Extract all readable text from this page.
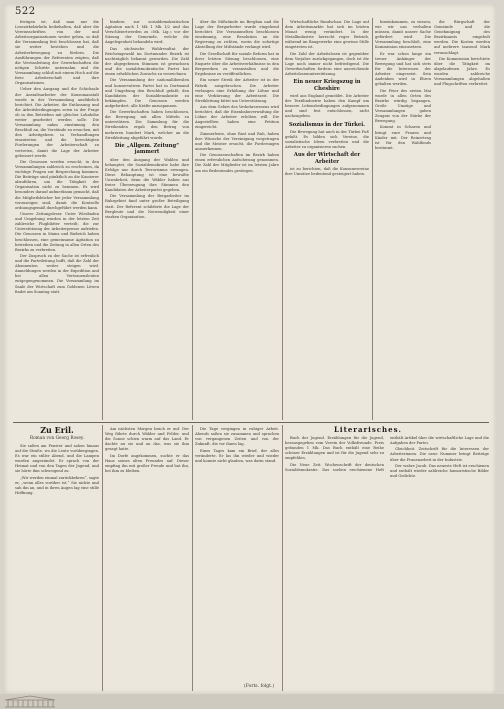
522

festigen ist, daß man nur die Lesezirkelzirkeln beibehalten, daß aber die Vereinsschriften von der und Arbeitsorganisationen weiter gehen, so daß die Versammlung fest beschlossen hat, daß sie weiter bestehen und die Arbeiterbewegung zu fördern. Die Ausführungen der Referenten zeigten, daß die Vereinsleitung der Gewerkschaften die nötigen Schritte unternahm und die Versammlung schloß mit einem Hoch auf die freie Arbeiterschaft und ihre Organisationen.

Ueber den Ausgang und die Schicksale der Anstaltsarbeiter der Konsumanstalt wurde in der Versammlung ausführlich berichtet. Die Arbeiter, die Entlassung und die Arbeitsbedingungen seien in der Frage ob in den Betrieben mit gleicher Lohnhöhe weiter gearbeitet werden solle. Die Versammlung nahm einstimmig den Beschluß an, die Vorstände zu ersuchen, mit den Arbeitgebern in Verhandlungen einzutreten und die berechtigten Forderungen der Arbeiterschaft zu vertreten, damit die Lage der Arbeiter gebessert werde.

Die Genossen werden ersucht, in den Versammlungen zahlreich zu erscheinen, da wichtige Fragen zur Besprechung kommen. Die Beiträge sind pünktlich an die Kassierer abzuführen, um die Tätigkeit der Organisation nicht zu hemmen. Es wird besonders darauf aufmerksam gemacht, daß die Mitgliedsbücher bei jeder Versammlung vorzuzeigen sind, damit die Kontrolle ordnungsgemäß durchgeführt werden kann.

Unsere Zeitungsleser. Unter Wiesbaden und Umgebung wurden in der letzten Zeit zahlreiche Flugblätter verteilt, die zur Unterstützung der Arbeiterpresse aufriefen. Die Genossen in Mainz und Biebrich haben beschlossen, eine gemeinsame Agitation zu betreiben und die Zeitung in allen Orten des Bezirks zu verbreiten.

Der Zuspruch zu der Sache ist erfreulich und die Parteileitung hofft, daß die Zahl der Abonnenten weiter steigen wird. Anmeldungen werden in der Expedition und bei allen Vertrauensleuten entgegengenommen. Die Versammlung im Saale der Wirtschaft zum Goldenen Löwen findet am Sonntag statt.

bindern zur sozialdemokratischen Agitation nach 1 Mk 1 Mk 1/2 und das Verschleiertwerden zu »Mk. Lig.« vor der Sitzung der Gemeinde, welche die Angelegenheit behandeln wird.

Das sächsische Wahlresultat der Reichstagswahl im Dortmunder Bezirk ist nachträglich bekannt geworden. Die Zahl der abgegebenen Stimmen ist gewachsen und die sozialdemokratische Partei hat einen erheblichen Zuwachs zu verzeichnen.

Die Versammlung der nationalliberalen und konservativen Partei hat in Dortmund und Umgebung den Beschluß gefaßt, den Kandidaten der Sozialdemokratie zu bekämpfen. Die Genossen werden aufgefordert, alle Kräfte anzuspannen.

Die Gewerkschaften haben beschlossen, die Bewegung mit allen Mitteln zu unterstützen. Die Sammlung für die Streikenden ergab den Betrag von mehreren hundert Mark, welcher an die Streikleitung abgeführt wurde.

Die „Allgem. Zeitung“ jammert

über den Ausgang der Wahlen und behauptet, die Sozialdemokratie habe ihre Erfolge nur durch Terrorismus errungen. Diese Behauptung ist eine bewußte Unwahrheit, denn die Wähler haben aus freier Überzeugung ihre Stimmen den Kandidaten der Arbeiterpartei gegeben.

Die Versammlung der Bergarbeiter im Ruhrgebiet fand unter großer Beteiligung statt. Der Referent schilderte die Lage der Bergleute und die Notwendigkeit einer starken Organisation.

über die Mißstände im Bergbau und die Lage der Bergarbeiter wurde eingehend berichtet. Die Versammelten beschlossen einstimmig, eine Resolution an die Regierung zu richten, worin die sofortige Abstellung der Mißstände verlangt wird.

Die Gesellschaft für soziale Reform hat in ihrer letzten Sitzung beschlossen, eine Enquete über die Arbeitsverhältnisse in den Bergwerken zu veranstalten und die Ergebnisse zu veröffentlichen.

Ein neuer Streik der Arbeiter ist in der Fabrik ausgebrochen. Die Arbeiter verlangen eine Erhöhung der Löhne und eine Verkürzung der Arbeitszeit. Die Streikleitung bittet um Unterstützung.

Aus dem Gebiet des Verkehrswesens wird berichtet, daß die Eisenbahnverwaltung die Löhne der Arbeiter erhöhen will. Die Angestellten haben eine Petition eingereicht.

Zimmerleute, ohne Rast und Ruh, haben ihre Wünsche der Vereinigung vorgetragen und die Meister ersucht, die Forderungen anzuerkennen.

Die Genossenschaften im Bezirk haben einen erfreulichen Aufschwung genommen. Die Zahl der Mitglieder ist im letzten Jahre um ein Bedeutendes gestiegen.

Wirtschaftliche Rundschau. Die Lage auf dem Arbeitsmarkte hat sich im letzten Monat wenig verändert. In der Metallindustrie herrscht reger Betrieb, während im Baugewerbe eine gewisse Stille eingetreten ist.

Die Zahl der Arbeitslosen ist gegenüber dem Vorjahre zurückgegangen, doch ist die Lage noch immer nicht befriedigend. Die Gewerkschaften fordern eine ausreichende Arbeitslosenunterstützung.

Ein neuer Kriegszug in Cheshire

wird aus England gemeldet. Die Arbeiter der Textilindustrie haben den Kampf um bessere Lebensbedingungen aufgenommen und sind fest entschlossen, nicht nachzugeben.

Sozialismus in der Türkei.

Die Bewegung hat auch in der Türkei Fuß gefaßt. Es bilden sich Vereine, die sozialistische Ideen verbreiten und die Arbeiter zu organisieren suchen.

Aus der Wirtschaft der Arbeiter

ist zu berichten, daß die Konsumvereine ihre Umsätze bedeutend gesteigert haben.

hineinkommen, zu wissen, wie wir uns verhalten müssen, damit unsere Sache gefördert wird. Die Versammlung beschloß, eine Kommission einzusetzen.

Er war schon lange ein treuer Anhänger der Bewegung und hat sich stets für die Interessen der Arbeiter eingesetzt. Sein Andenken wird in Ehren gehalten werden.

Die Feier des ersten Mai wurde in allen Orten des Bezirks würdig begangen. Große Umzüge und Versammlungen gaben Zeugnis von der Stärke der Bewegung.

Kommt in Scharen und bringt eure Frauen und Kinder mit. Der Reinertrag ist für den Wahlfonds bestimmt.

die Bürgschaft der Gemeinde und die Genehmigung des Bezirksamts eingeholt werden. Die Kosten werden auf mehrere tausend Mark veranschlagt.

Die Kommission berichtete über die Tätigkeit im abgelaufenen Jahre. Es wurden zahlreiche Versammlungen abgehalten und Flugschriften verbreitet.

Zu Eril.
Roman von Georg Rosey.

Sie saßen am Fenster und sahen hinaus auf die Straße, wo die Leute vorübergingen. Es war ein stiller Abend, und die Lampen wurden angezündet. Er sprach von der Heimat und von den Tagen der Jugend, und sie hörte ihm schweigend zu.

„Wir werden einmal zurückkehren“, sagte er, „wenn alles vorüber ist.“ Sie nickte und sah ihn an, und in ihren Augen lag eine stille Hoffnung.

Am nächsten Morgen brach er auf. Der Weg führte durch Wälder und Felder, und die Sonne schien warm auf das Land. Er dachte an sie und an das, was sie ihm gesagt hatte.

Im Dorfe angekommen, suchte er das Haus seines alten Freundes auf. Dieser empfing ihn mit großer Freude und bat ihn, bei ihm zu bleiben.

Die Tage vergingen in ruhiger Arbeit. Abends saßen sie zusammen und sprachen von vergangenen Zeiten und von der Zukunft, die vor ihnen lag.

Eines Tages kam ein Brief, der alles veränderte. Er las ihn wieder und wieder und konnte nicht glauben, was darin stand.

(Forts. folgt.)
Literarisches.

Buch der Jugend. Erzählungen für die Jugend, herausgegeben vom Verein der Volksfreunde. Preis gebunden 1 Mk. Das Buch enthält eine Reihe schöner Erzählungen und ist für die Jugend sehr zu empfehlen.

Die Neue Zeit. Wochenschrift der deutschen Sozialdemokratie. Das soeben erschienene Heft enthält Artikel über die wirtschaftliche Lage und die Aufgaben der Partei.

Gleichheit. Zeitschrift für die Interessen der Arbeiterinnen. Die neue Nummer bringt Beiträge über die Frauenarbeit in der Industrie.

Der wahre Jacob. Das neueste Heft ist erschienen und enthält wieder zahlreiche humoristische Bilder und Gedichte.
